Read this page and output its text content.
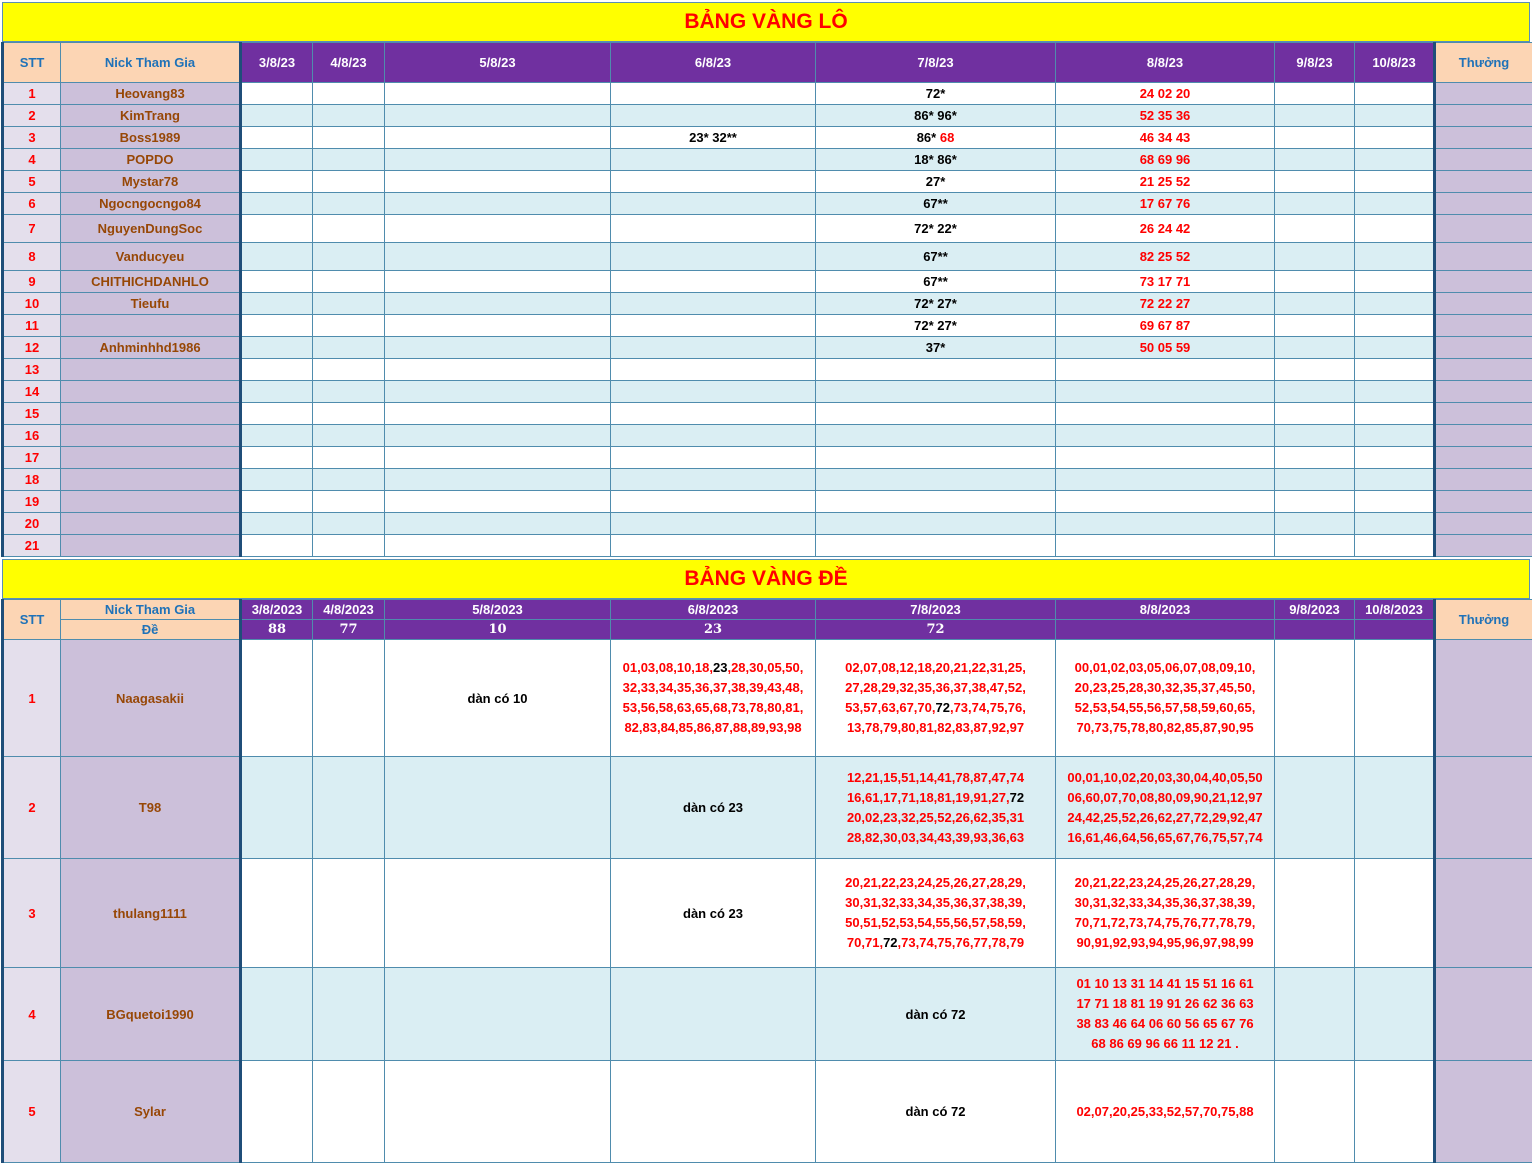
BẢNG VÀNG LÔ
STT	Nick Tham Gia	3/8/23	4/8/23	5/8/23	6/8/23	7/8/23	8/8/23	9/8/23	10/8/23	Thưởng
1	Heovang83					72*	24 02 20			
2	KimTrang					86* 96*	52 35 36			
3	Boss1989				23* 32**	86* 68	46 34 43			
4	POPDO					18* 86*	68 69 96			
5	Mystar78					27*	21 25 52			
6	Ngocngocngo84					67**	17 67 76			
7	NguyenDungSoc					72* 22*	26 24 42			
8	Vanducyeu					67**	82 25 52			
9	CHITHICHDANHLO					67**	73 17 71			
10	Tieufu					72* 27*	72 22 27			
11						72* 27*	69 67 87			
12	Anhminhhd1986					37*	50 05 59			
13										
14										
15										
16										
17										
18										
19										
20										
21										
BẢNG VÀNG ĐỀ
STT	Nick Tham Gia	3/8/2023	4/8/2023	5/8/2023	6/8/2023	7/8/2023	8/8/2023	9/8/2023	10/8/2023	Thưởng
	Đề	88	77	10	23	72				
1	Naagasakii			dàn có 10	01,03,08,10,18,23,28,30,05,50,
32,33,34,35,36,37,38,39,43,48,
53,56,58,63,65,68,73,78,80,81,
82,83,84,85,86,87,88,89,93,98	02,07,08,12,18,20,21,22,31,25,
27,28,29,32,35,36,37,38,47,52,
53,57,63,67,70,72,73,74,75,76,
13,78,79,80,81,82,83,87,92,97	00,01,02,03,05,06,07,08,09,10,
20,23,25,28,30,32,35,37,45,50,
52,53,54,55,56,57,58,59,60,65,
70,73,75,78,80,82,85,87,90,95			

2	T98				dàn có 23	12,21,15,51,14,41,78,87,47,74
16,61,17,71,18,81,19,91,27,72
20,02,23,32,25,52,26,62,35,31
28,82,30,03,34,43,39,93,36,63	00,01,10,02,20,03,30,04,40,05,50
06,60,07,70,08,80,09,90,21,12,97
24,42,25,52,26,62,27,72,29,92,47
16,61,46,64,56,65,67,76,75,57,74			

3	thulang1111				dàn có 23	20,21,22,23,24,25,26,27,28,29,
30,31,32,33,34,35,36,37,38,39,
50,51,52,53,54,55,56,57,58,59,
70,71,72,73,74,75,76,77,78,79	20,21,22,23,24,25,26,27,28,29,
30,31,32,33,34,35,36,37,38,39,
70,71,72,73,74,75,76,77,78,79,
90,91,92,93,94,95,96,97,98,99			

4	BGquetoi1990					dàn có 72	01 10 13 31 14 41 15 51 16 61
17 71 18 81 19 91 26 62 36 63
38 83 46 64 06 60 56 65 67 76
68 86 69 96 66 11 12 21 .			

5	Sylar					dàn có 72	02,07,20,25,33,52,57,70,75,88			
